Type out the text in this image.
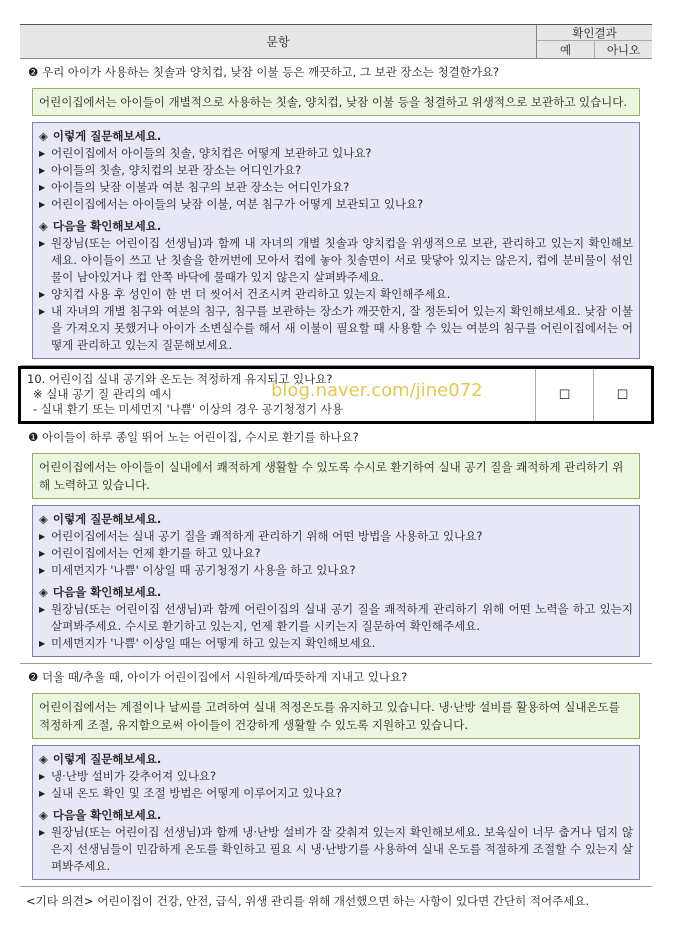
문항
확인결과
예	아니오
❷ 우리 아이가 사용하는 칫솔과 양치컵, 낮잠 이불 등은 깨끗하고, 그 보관 장소는 청결한가요?
어린이집에서는 아이들이 개별적으로 사용하는 칫솔, 양치컵, 낮잠 이불 등을 청결하고 위생적으로 보관하고 있습니다.
◈ 이렇게 질문해보세요.
▶ 어린이집에서 아이들의 칫솔, 양치컵은 어떻게 보관하고 있나요?
▶ 아이들의 칫솔, 양치컵의 보관 장소는 어디인가요?
▶ 아이들의 낮잠 이불과 여분 침구의 보관 장소는 어디인가요?
▶ 어린이집에서는 아이들의 낮잠 이불, 여분 침구가 어떻게 보관되고 있나요?
◈ 다음을 확인해보세요.
▶ 원장님(또는 어린이집 선생님)과 함께 내 자녀의 개별 칫솔과 양치컵을 위생적으로 보관, 관리하고 있는지 확인해보세요. 아이들이 쓰고 난 칫솔을 한꺼번에 모아서 컵에 놓아 칫솔면이 서로 맞닿아 있지는 않은지, 컵에 분비물이 섞인 물이 남아있거나 컵 안쪽 바닥에 물때가 있지 않은지 살펴봐주세요.
▶ 양치컵 사용 후 성인이 한 번 더 씻어서 건조시켜 관리하고 있는지 확인해주세요.
▶ 내 자녀의 개별 침구와 여분의 침구, 침구를 보관하는 장소가 깨끗한지, 잘 정돈되어 있는지 확인해보세요. 낮잠 이불을 가져오지 못했거나 아이가 소변실수를 해서 새 이불이 필요할 때 사용할 수 있는 여분의 침구를 어린이집에서는 어떻게 관리하고 있는지 질문해보세요.
10. 어린이집 실내 공기와 온도는 적정하게 유지되고 있나요?
※ 실내 공기 질 관리의 예시
- 실내 환기 또는 미세먼지 '나쁨' 이상의 경우 공기청정기 사용
blog.naver.com/jine072	☐	☐
❶ 아이들이 하루 종일 뛰어 노는 어린이집, 수시로 환기를 하나요?
어린이집에서는 아이들이 실내에서 쾌적하게 생활할 수 있도록 수시로 환기하여 실내 공기 질을 쾌적하게 관리하기 위해 노력하고 있습니다.
◈ 이렇게 질문해보세요.
▶ 어린이집에서는 실내 공기 질을 쾌적하게 관리하기 위해 어떤 방법을 사용하고 있나요?
▶ 어린이집에서는 언제 환기를 하고 있나요?
▶ 미세먼지가 '나쁨' 이상일 때 공기청정기 사용을 하고 있나요?
◈ 다음을 확인해보세요.
▶ 원장님(또는 어린이집 선생님)과 함께 어린이집의 실내 공기 질을 쾌적하게 관리하기 위해 어떤 노력을 하고 있는지 살펴봐주세요. 수시로 환기하고 있는지, 언제 환기를 시키는지 질문하여 확인해주세요.
▶ 미세먼지가 '나쁨' 이상일 때는 어떻게 하고 있는지 확인해보세요.
❷ 더울 때/추울 때, 아이가 어린이집에서 시원하게/따뜻하게 지내고 있나요?
어린이집에서는 계절이나 날씨를 고려하여 실내 적정온도를 유지하고 있습니다. 냉·난방 설비를 활용하여 실내온도를 적정하게 조절, 유지함으로써 아이들이 건강하게 생활할 수 있도록 지원하고 있습니다.
◈ 이렇게 질문해보세요.
▶ 냉·난방 설비가 갖추어져 있나요?
▶ 실내 온도 확인 및 조절 방법은 어떻게 이루어지고 있나요?
◈ 다음을 확인해보세요.
▶ 원장님(또는 어린이집 선생님)과 함께 냉·난방 설비가 잘 갖춰져 있는지 확인해보세요. 보육실이 너무 춥거나 덥지 않은지 선생님들이 민감하게 온도를 확인하고 필요 시 냉·난방기를 사용하여 실내 온도를 적절하게 조절할 수 있는지 살펴봐주세요.
<기타 의견> 어린이집이 건강, 안전, 급식, 위생 관리를 위해 개선했으면 하는 사항이 있다면 간단히 적어주세요.
